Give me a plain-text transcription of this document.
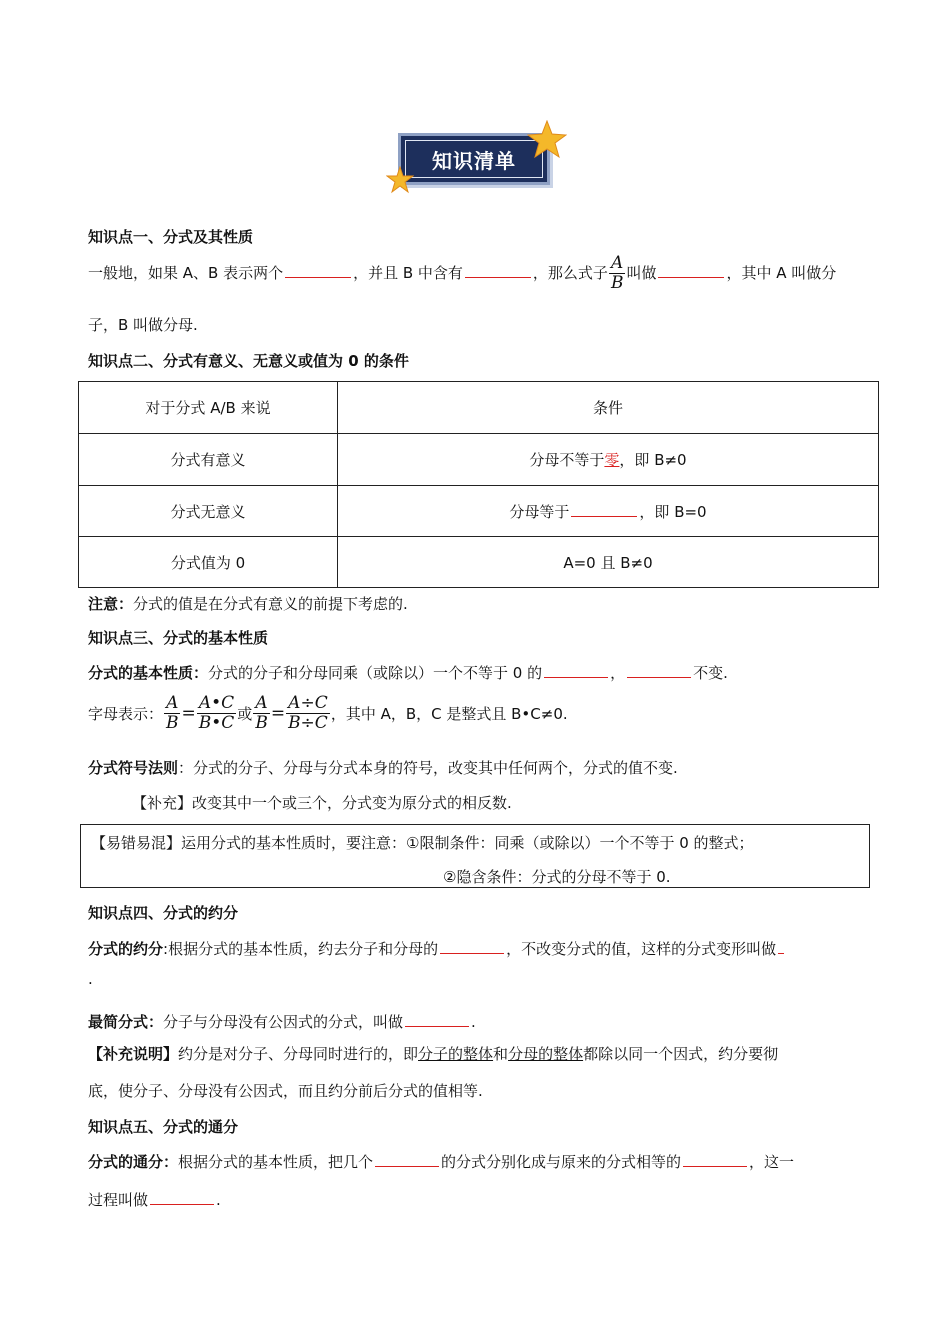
知识清单
知识点一、分式及其性质
一般地，如果 A、B 表示两个	，并且 B 中含有	，那么式子 $\frac{A}{B}$ 叫做	，其中 A 叫做分
子，B 叫做分母.
知识点二、分式有意义、无意义或值为 0 的条件
对于分式 A/B 来说	条件
分式有意义	分母不等于零，即 B≠0
分式无意义	分母等于 ，即 B=0
分式值为 0	A=0 且 B≠0
注意：分式的值是在分式有意义的前提下考虑的.
知识点三、分式的基本性质
分式的基本性质：分式的分子和分母同乘（或除以）一个不等于 0 的	，	不变.
字母表示： $\frac{A}{B} = \frac{A•C}{B•C}$ 或 $\frac{A}{B} = \frac{A\div C}{B\div C}$ ，其中 A，B，C 是整式且 B•C≠0.
分式符号法则：分式的分子、分母与分式本身的符号，改变其中任何两个，分式的值不变.
【补充】改变其中一个或三个，分式变为原分式的相反数.
【易错易混】运用分式的基本性质时，要注意：①限制条件：同乘（或除以）一个不等于 0 的整式；
②隐含条件：分式的分母不等于 0.
知识点四、分式的约分
分式的约分:根据分式的基本性质，约去分子和分母的	，不改变分式的值，这样的分式变形叫做
.
最简分式：分子与分母没有公因式的分式，叫做	.
【补充说明】约分是对分子、分母同时进行的，即分子的整体和分母的整体都除以同一个因式，约分要彻
底，使分子、分母没有公因式，而且约分前后分式的值相等.
知识点五、分式的通分
分式的通分：根据分式的基本性质，把几个	的分式分别化成与原来的分式相等的	，这一
过程叫做	.
